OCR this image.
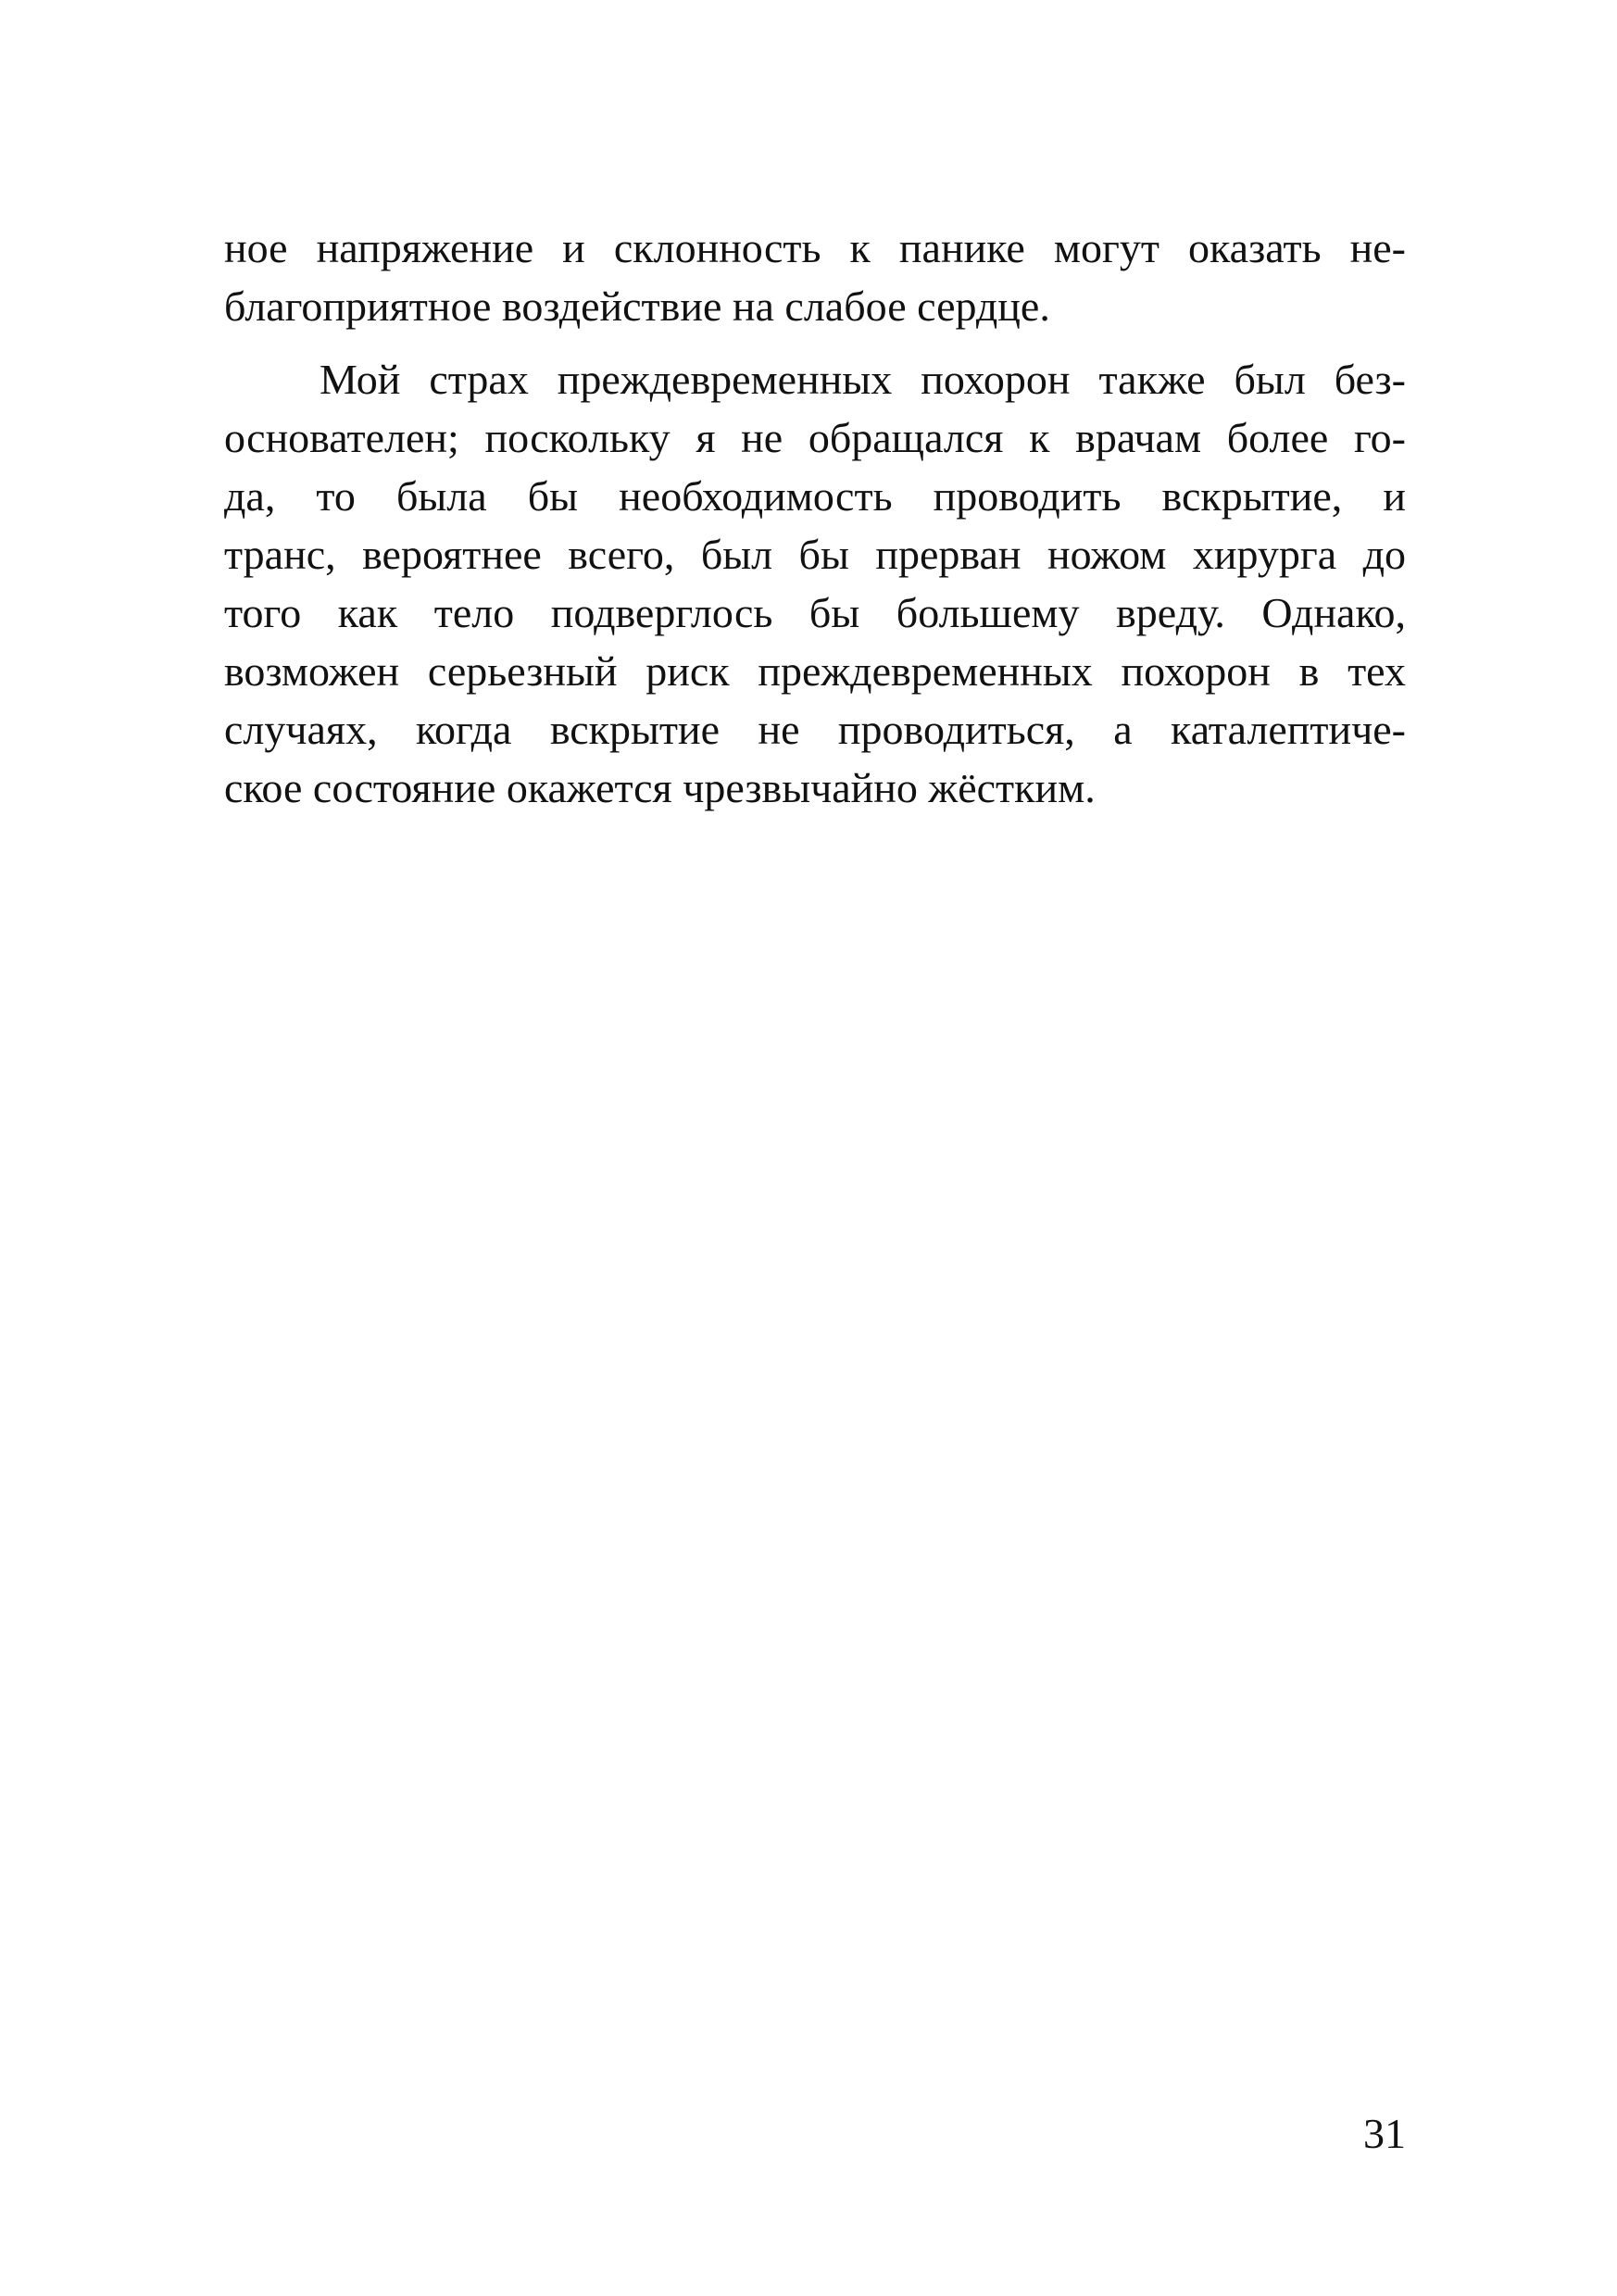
ное напряжение и склонность к панике могут оказать не-
благоприятное воздействие на слабое сердце.
Мой страх преждевременных похорон также был без-
основателен; поскольку я не обращался к врачам более го-
да, то была бы необходимость проводить вскрытие, и
транс, вероятнее всего, был бы прерван ножом хирурга до
того как тело подверглось бы большему вреду. Однако,
возможен серьезный риск преждевременных похорон в тех
случаях, когда вскрытие не проводиться, а каталептиче-
ское состояние окажется чрезвычайно жёстким.
31
